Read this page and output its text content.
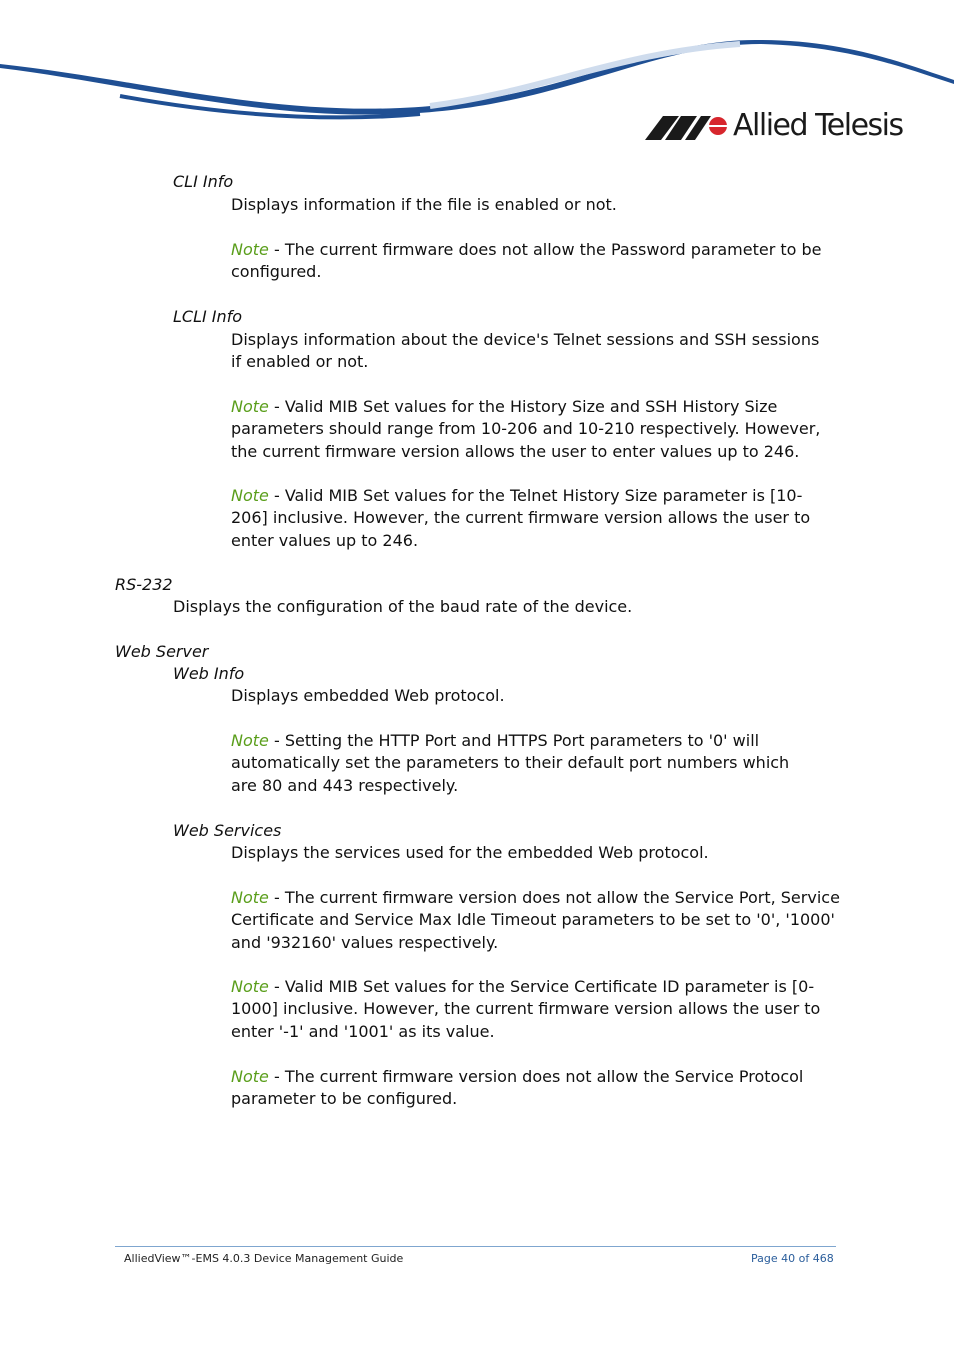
Allied Telesis
CLI Info
Displays information if the file is enabled or not.
Note - The current firmware does not allow the Password parameter to be configured.
LCLI Info
Displays information about the device's Telnet sessions and SSH sessions if enabled or not.
Note - Valid MIB Set values for the History Size and SSH History Size parameters should range from 10-206 and 10-210 respectively. However, the current firmware version allows the user to enter values up to 246.
Note - Valid MIB Set values for the Telnet History Size parameter is [10-206] inclusive. However, the current firmware version allows the user to enter values up to 246.
RS-232
Displays the configuration of the baud rate of the device.
Web Server
Web Info
Displays embedded Web protocol.
Note - Setting the HTTP Port and HTTPS Port parameters to '0' will automatically set the parameters to their default port numbers which are 80 and 443 respectively.
Web Services
Displays the services used for the embedded Web protocol.
Note - The current firmware version does not allow the Service Port, Service Certificate and Service Max Idle Timeout parameters to be set to '0', '1000' and '932160' values respectively.
Note - Valid MIB Set values for the Service Certificate ID parameter is [0-1000] inclusive. However, the current firmware version allows the user to enter '-1' and '1001' as its value.
Note - The current firmware version does not allow the Service Protocol parameter to be configured.
AlliedView™-EMS 4.0.3 Device Management Guide	Page 40 of 468
